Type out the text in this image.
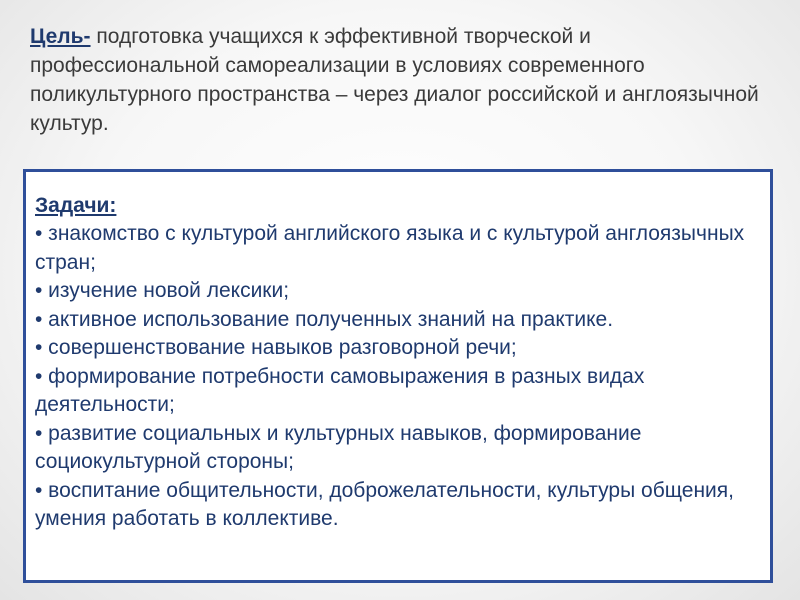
Цель- подготовка учащихся к эффективной творческой и профессиональной самореализации в условиях современного поликультурного пространства – через диалог российской и англоязычной культур.
Задачи:
• знакомство с культурой английского языка и с культурой англоязычных стран;
• изучение новой лексики;
• активное использование полученных знаний на практике.
• совершенствование навыков разговорной речи;
• формирование потребности самовыражения в разных видах деятельности;
• развитие социальных и культурных навыков, формирование социокультурной стороны;
• воспитание общительности, доброжелательности, культуры общения, умения работать в коллективе.
